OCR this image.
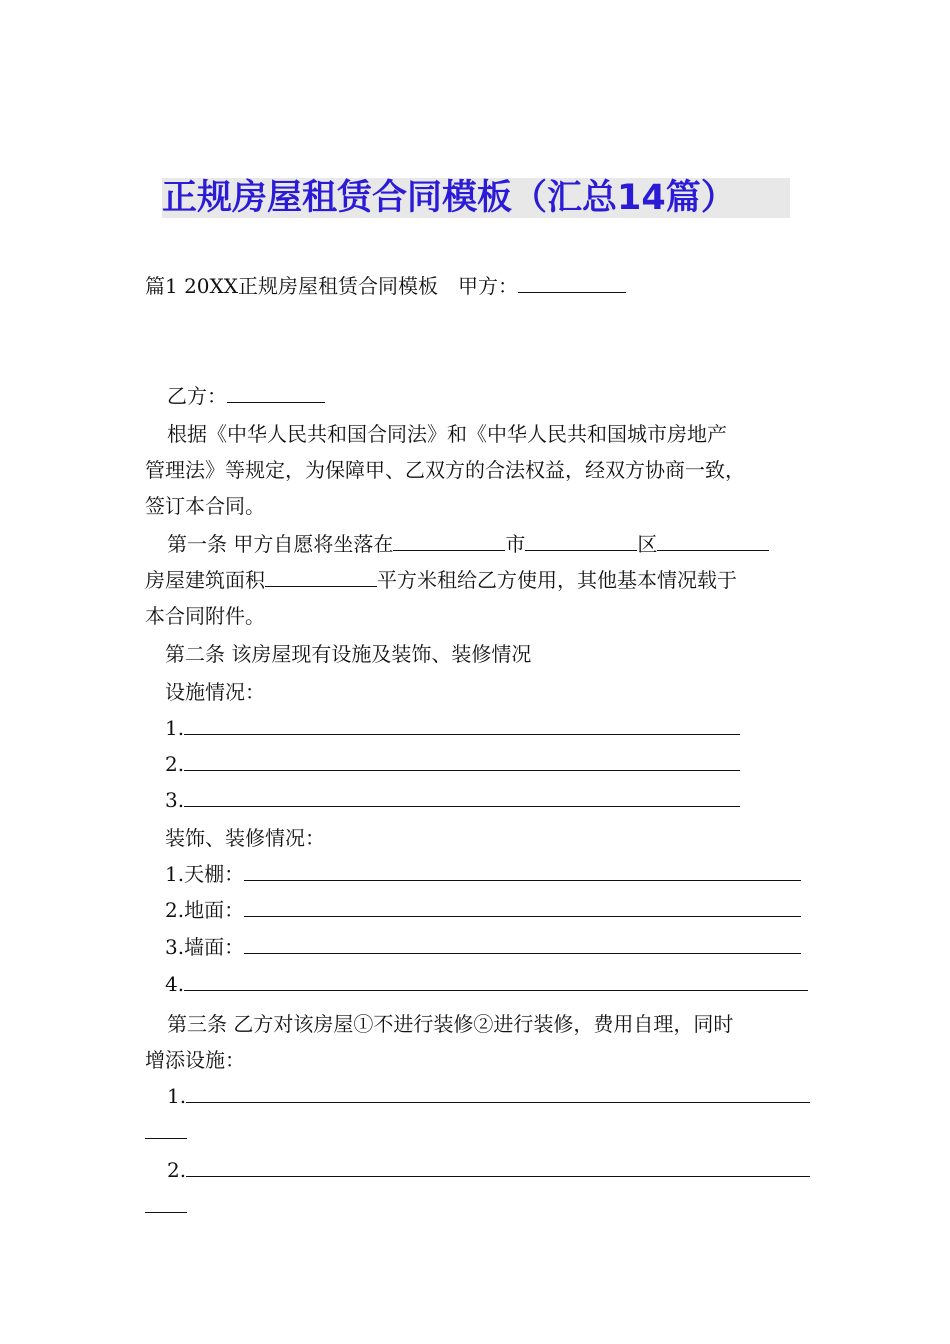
正规房屋租赁合同模板（汇总14篇）
篇1 20XX正规房屋租赁合同模板　甲方：
乙方：
根据《中华人民共和国合同法》和《中华人民共和国城市房地产
管理法》等规定，为保障甲、乙双方的合法权益，经双方协商一致，
签订本合同。
第一条 甲方自愿将坐落在	市	区
房屋建筑面积	平方米租给乙方使用，其他基本情况载于
本合同附件。
第二条 该房屋现有设施及装饰、装修情况
设施情况：
1.
2.
3.
装饰、装修情况：
1.天棚：
2.地面：
3.墙面：
4.
第三条 乙方对该房屋①不进行装修②进行装修，费用自理，同时
增添设施：
1.
2.
